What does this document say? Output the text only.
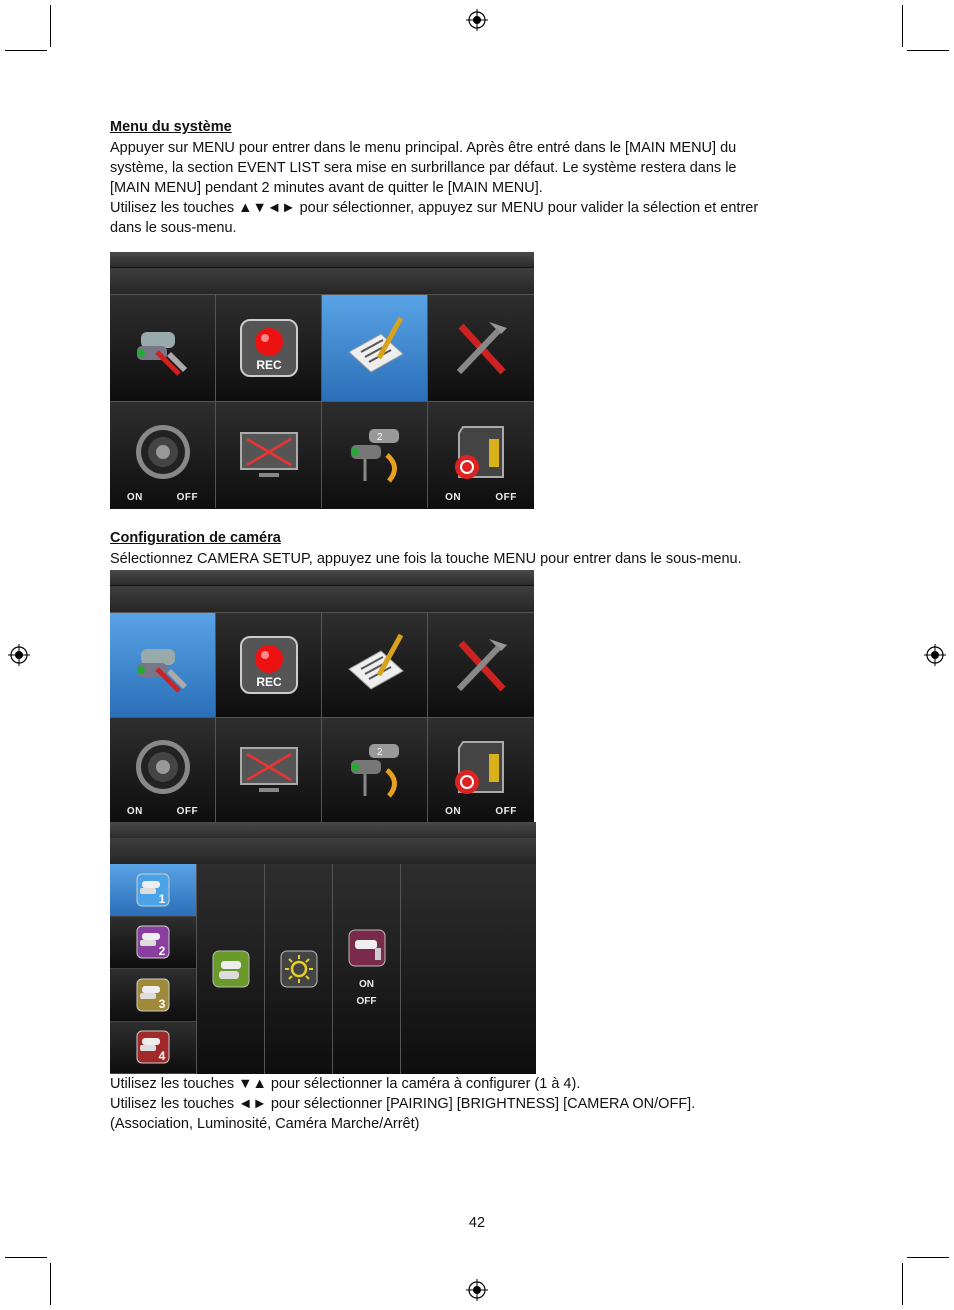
Menu du système
Appuyer sur MENU pour entrer dans le menu principal. Après être entré dans le [MAIN MENU] du
système, la section EVENT LIST sera mise en surbrillance par défaut. Le système restera dans le
[MAIN MENU] pendant 2 minutes avant de quitter le [MAIN MENU].
Utilisez les touches ▲▼◄► pour sélectionner, appuyez sur MENU pour valider la sélection et entrer
dans le sous-menu.
REC
ON	OFF
2
ON	OFF
Configuration de caméra
Sélectionnez CAMERA SETUP, appuyez une fois la touche MENU pour entrer dans le sous-menu.
REC
ON	OFF
2
ON	OFF
1
2
3
4
ON
OFF
Utilisez les touches ▼▲ pour sélectionner la caméra à configurer (1 à 4).
Utilisez les touches ◄► pour sélectionner [PAIRING] [BRIGHTNESS] [CAMERA ON/OFF].
(Association, Luminosité, Caméra Marche/Arrêt)
42
